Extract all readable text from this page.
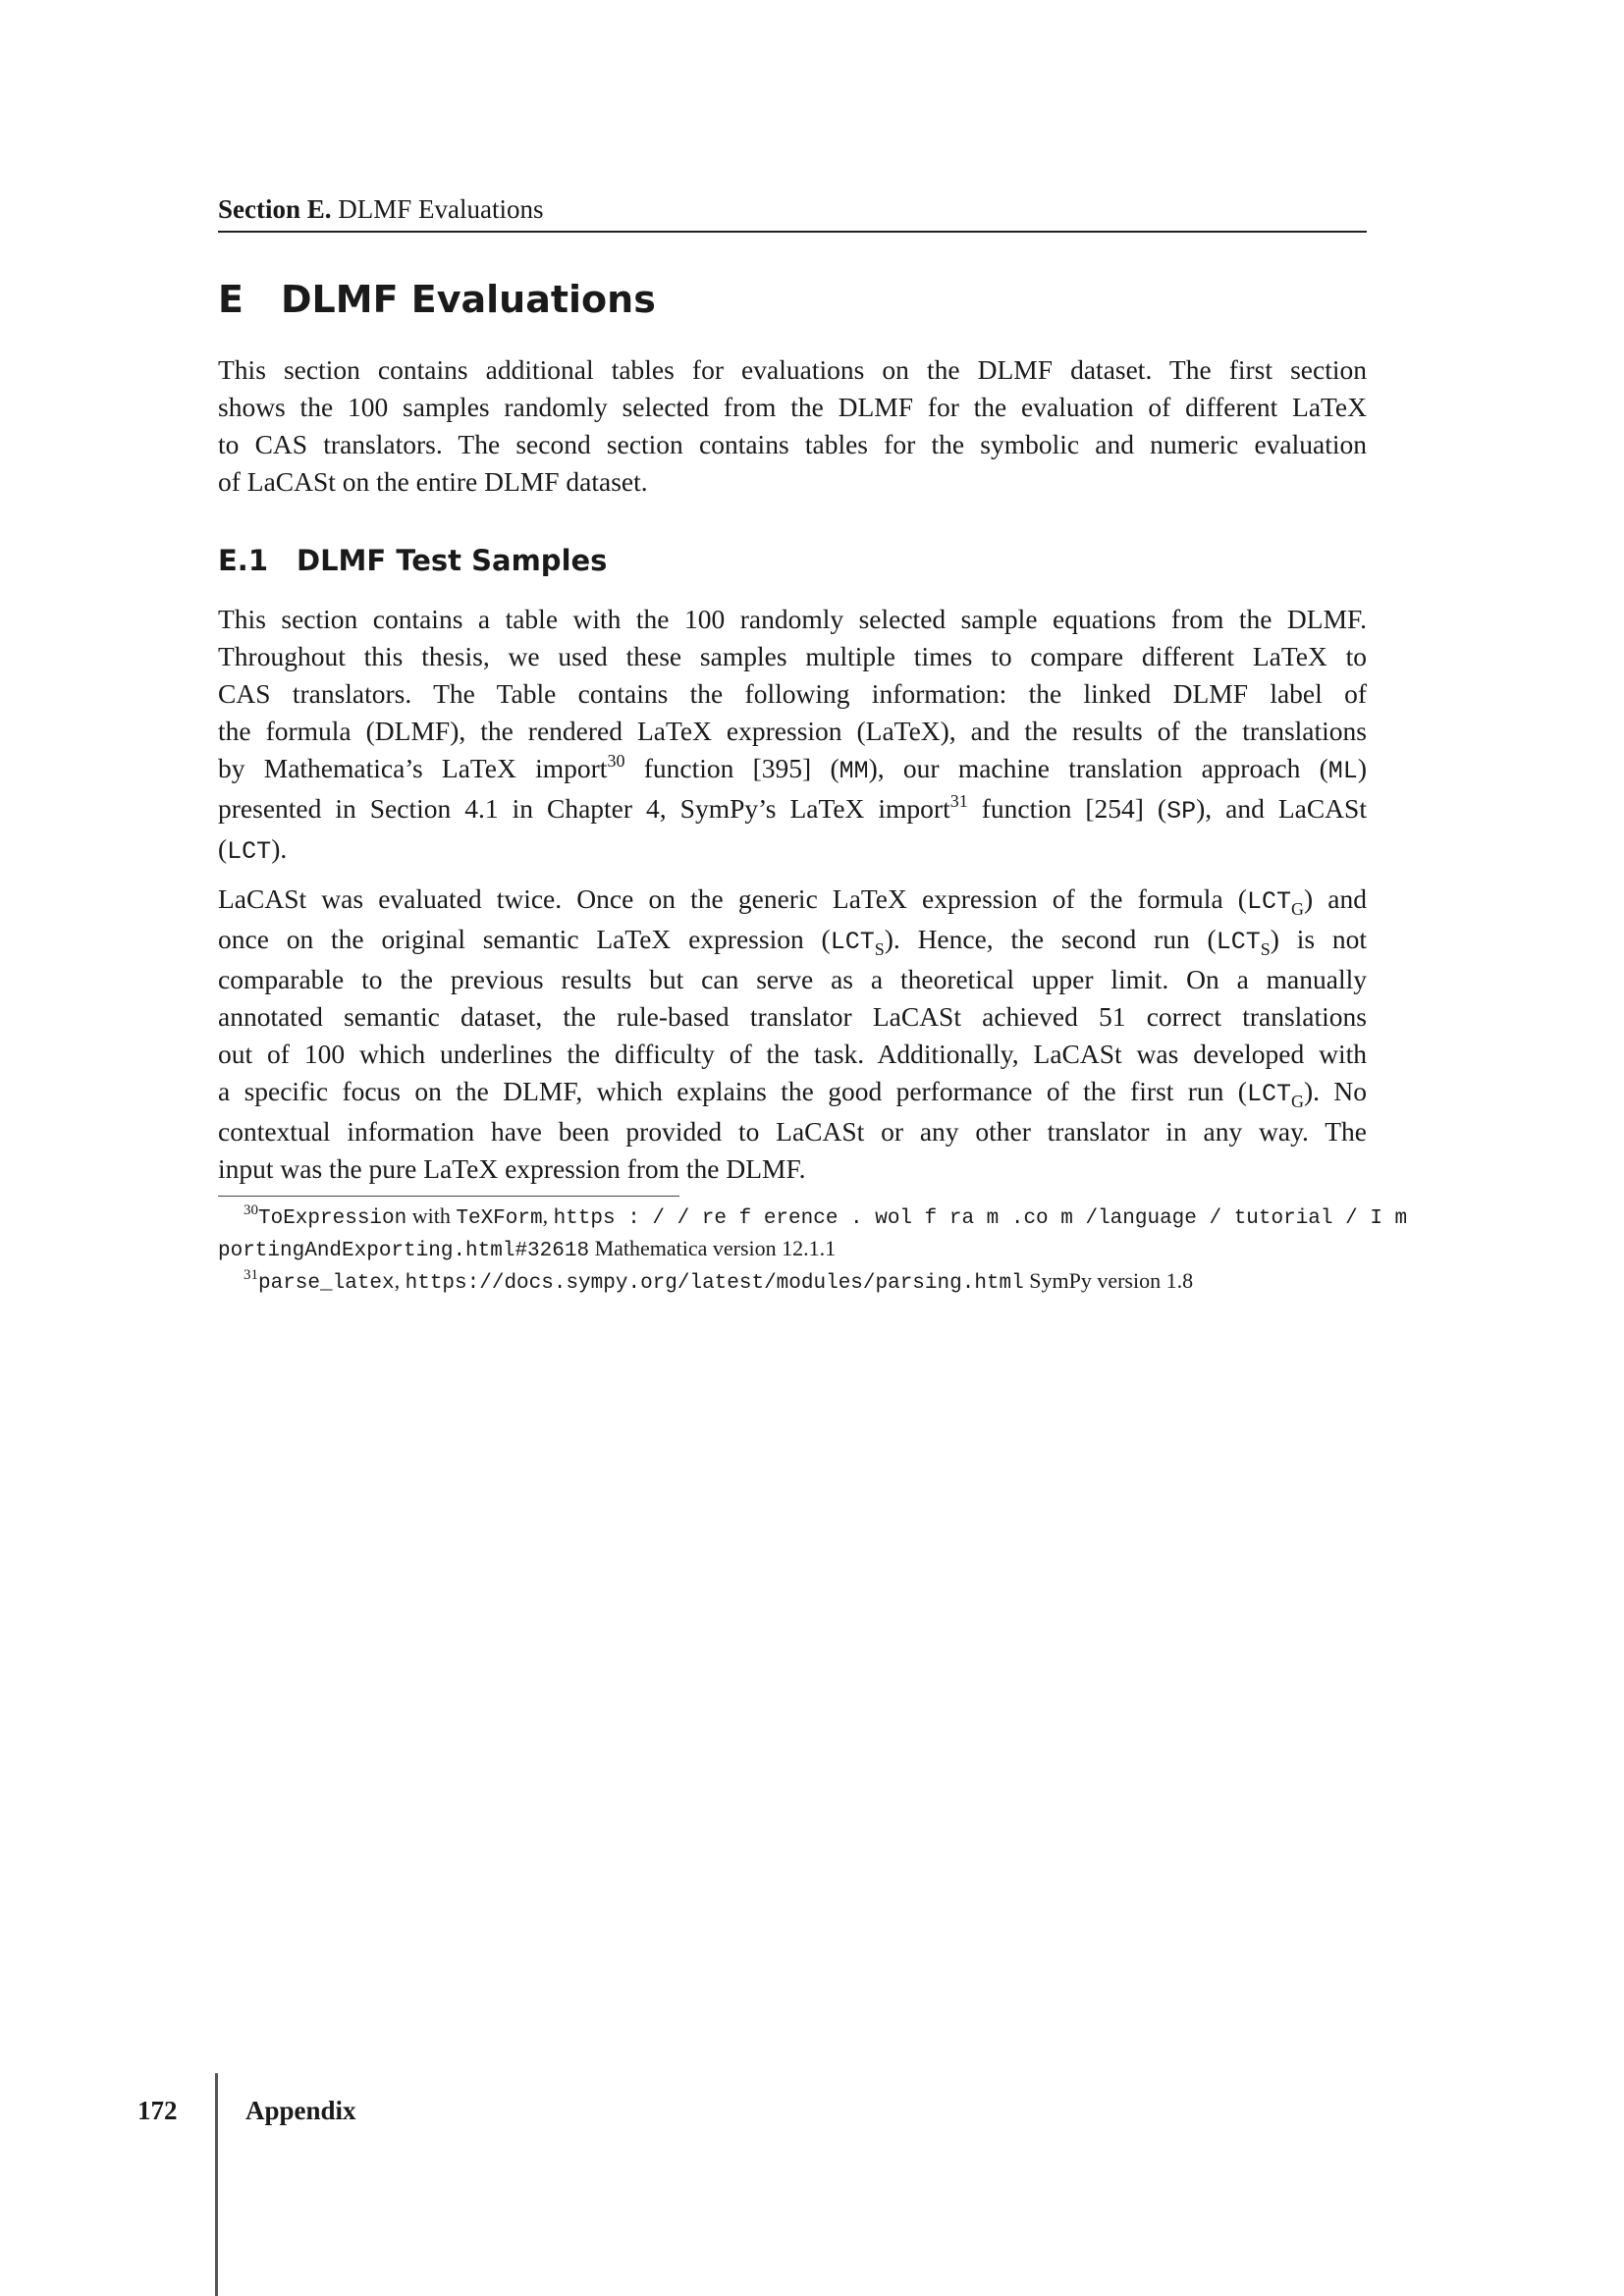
Section E. DLMF Evaluations
E DLMF Evaluations
This section contains additional tables for evaluations on the DLMF dataset. The first section
shows the 100 samples randomly selected from the DLMF for the evaluation of different LaTeX
to CAS translators. The second section contains tables for the symbolic and numeric evaluation
of LaCASt on the entire DLMF dataset.
E.1 DLMF Test Samples
This section contains a table with the 100 randomly selected sample equations from the DLMF.
Throughout this thesis, we used these samples multiple times to compare different LaTeX to
CAS translators. The Table contains the following information: the linked DLMF label of
the formula (DLMF), the rendered LaTeX expression (LaTeX), and the results of the translations
by Mathematica’s LaTeX import$^{30}$ function [395] (MM), our machine translation approach (ML)
presented in Section 4.1 in Chapter 4, SymPy’s LaTeX import$^{31}$ function [254] (SP), and LaCASt
(LCT).
LaCASt was evaluated twice. Once on the generic LaTeX expression of the formula $(LCT_G)$ and
once on the original semantic LaTeX expression $(LCT_S)$. Hence, the second run $(LCT_S)$ is not
comparable to the previous results but can serve as a theoretical upper limit. On a manually
annotated semantic dataset, the rule-based translator LaCASt achieved 51 correct translations
out of 100 which underlines the difficulty of the task. Additionally, LaCASt was developed with
a specific focus on the DLMF, which explains the good performance of the first run $(LCT_G)$. No
contextual information have been provided to LaCASt or any other translator in any way. The
input was the pure LaTeX expression from the DLMF.
$^{30}$ToExpression with TeXForm, https : / / re f erence . wol f ra m .co m /language / tutorial / I m
portingAndExporting.html#32618 Mathematica version 12.1.1
$^{31}$parse_latex, https://docs.sympy.org/latest/modules/parsing.html SymPy version 1.8
172	Appendix
